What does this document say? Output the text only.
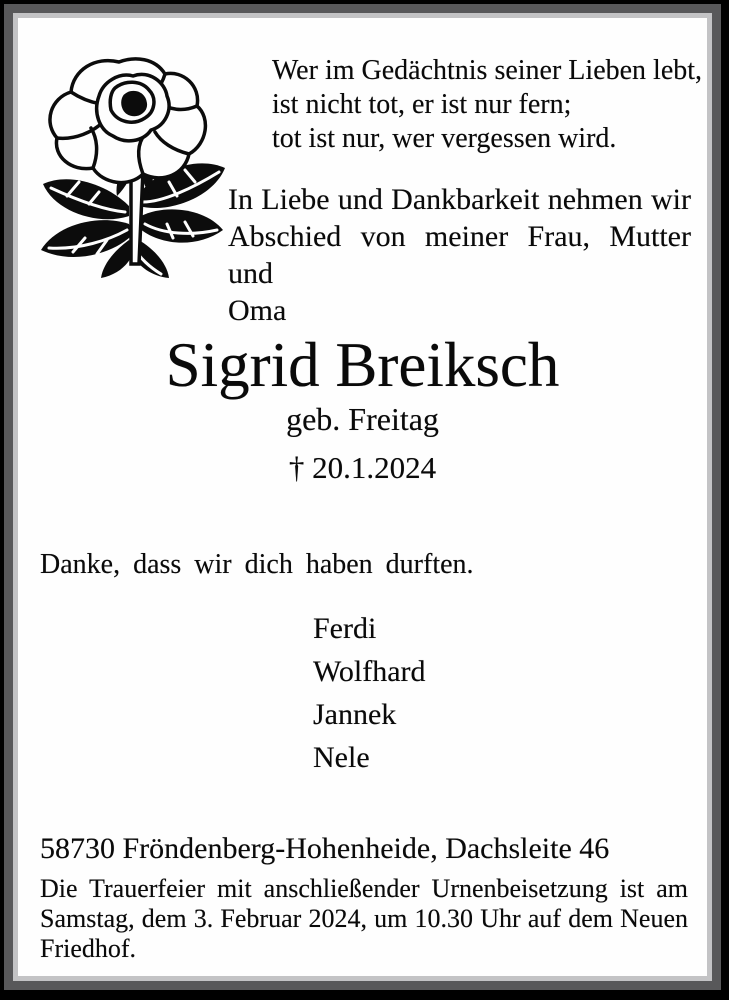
Wer im Gedächtnis seiner Lieben lebt,
ist nicht tot, er ist nur fern;
tot ist nur, wer vergessen wird.
In Liebe und Dankbarkeit nehmen wir
Abschied von meiner Frau, Mutter und
Oma
Sigrid Breiksch
geb. Freitag
† 20.1.2024
Danke, dass wir dich haben durften.
Ferdi
Wolfhard
Jannek
Nele
58730 Fröndenberg-Hohenheide, Dachsleite 46
Die Trauerfeier mit anschließender Urnenbeisetzung ist am
Samstag, dem 3. Februar 2024, um 10.30 Uhr auf dem Neuen
Friedhof.
